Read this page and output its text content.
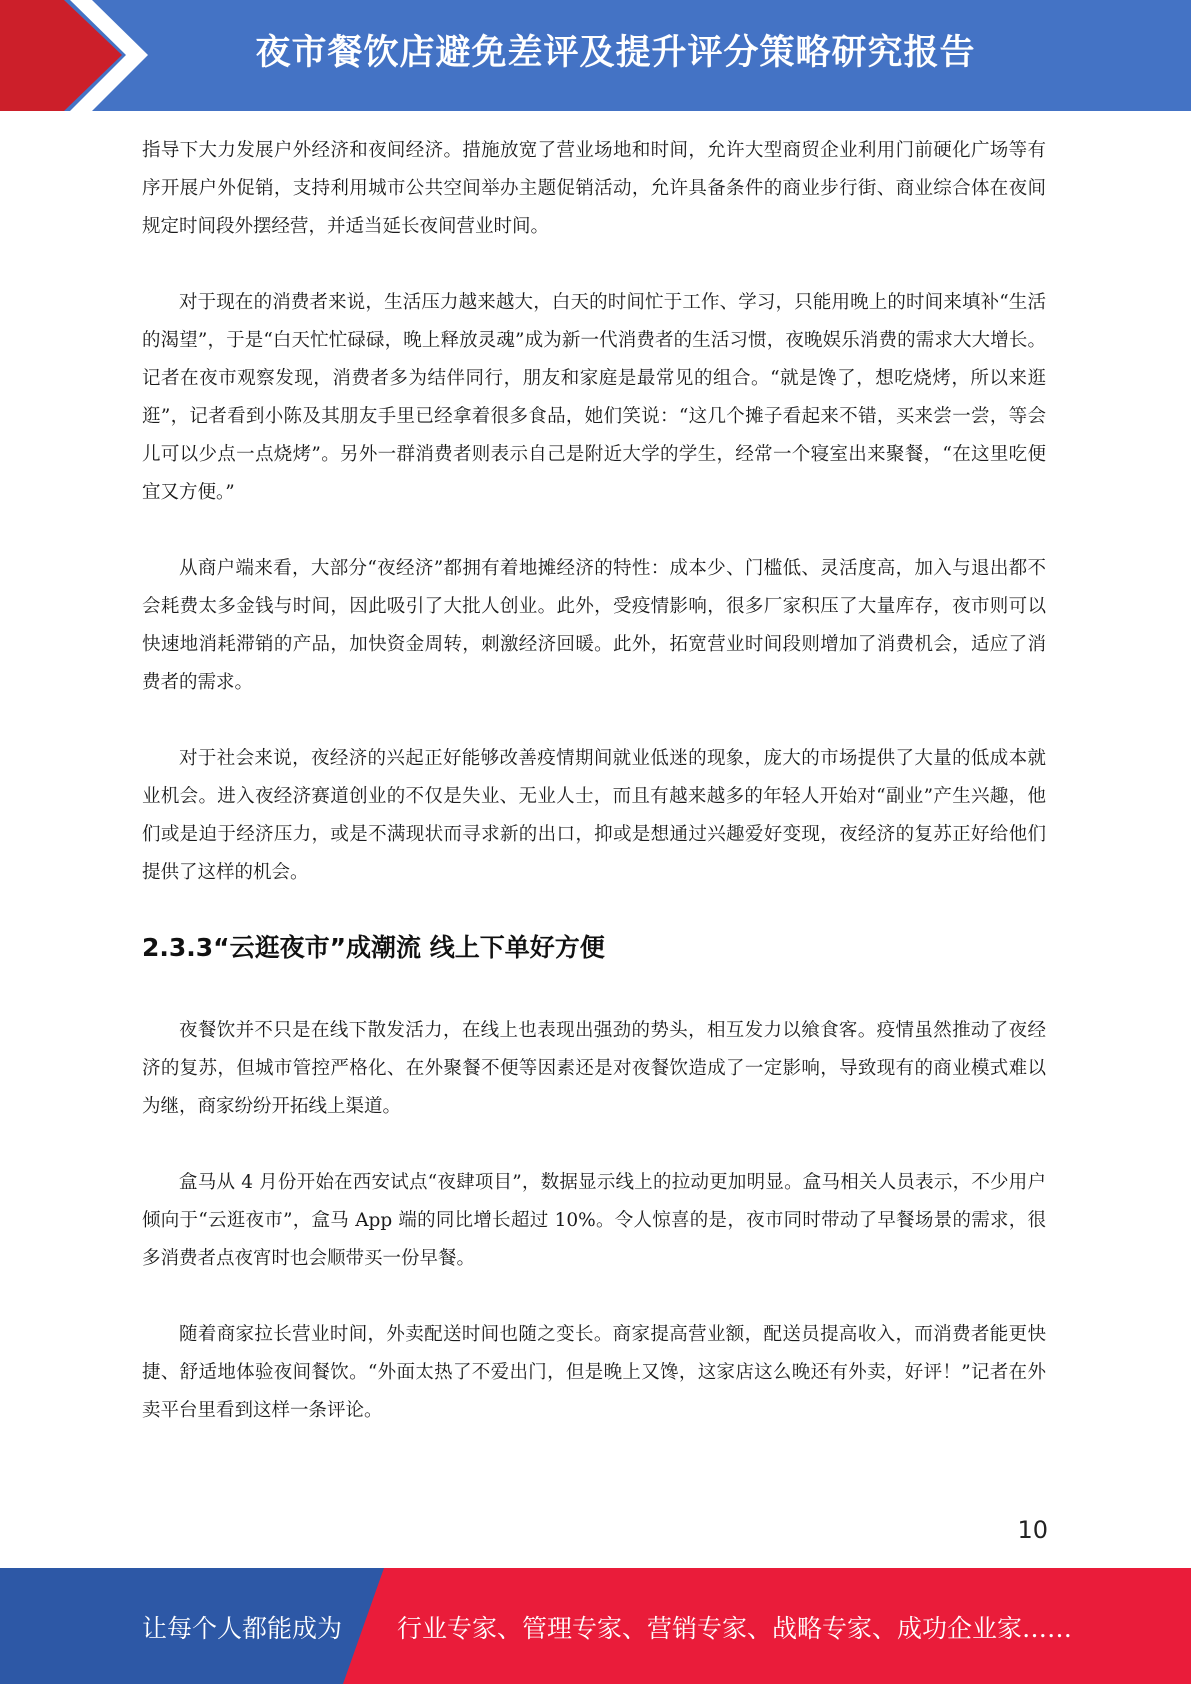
夜市餐饮店避免差评及提升评分策略研究报告

指导下大力发展户外经济和夜间经济。措施放宽了营业场地和时间，允许大型商贸企业利用门前硬化广场等有序开展户外促销，支持利用城市公共空间举办主题促销活动，允许具备条件的商业步行街、商业综合体在夜间规定时间段外摆经营，并适当延长夜间营业时间。

对于现在的消费者来说，生活压力越来越大，白天的时间忙于工作、学习，只能用晚上的时间来填补“生活的渴望”，于是“白天忙忙碌碌，晚上释放灵魂”成为新一代消费者的生活习惯，夜晚娱乐消费的需求大大增长。记者在夜市观察发现，消费者多为结伴同行，朋友和家庭是最常见的组合。“就是馋了，想吃烧烤，所以来逛逛”，记者看到小陈及其朋友手里已经拿着很多食品，她们笑说：“这几个摊子看起来不错，买来尝一尝，等会儿可以少点一点烧烤”。另外一群消费者则表示自己是附近大学的学生，经常一个寝室出来聚餐，“在这里吃便宜又方便。”

从商户端来看，大部分“夜经济”都拥有着地摊经济的特性：成本少、门槛低、灵活度高，加入与退出都不会耗费太多金钱与时间，因此吸引了大批人创业。此外，受疫情影响，很多厂家积压了大量库存，夜市则可以快速地消耗滞销的产品，加快资金周转，刺激经济回暖。此外，拓宽营业时间段则增加了消费机会，适应了消费者的需求。

对于社会来说，夜经济的兴起正好能够改善疫情期间就业低迷的现象，庞大的市场提供了大量的低成本就业机会。进入夜经济赛道创业的不仅是失业、无业人士，而且有越来越多的年轻人开始对“副业”产生兴趣，他们或是迫于经济压力，或是不满现状而寻求新的出口，抑或是想通过兴趣爱好变现，夜经济的复苏正好给他们提供了这样的机会。

2.3.3“云逛夜市”成潮流 线上下单好方便

夜餐饮并不只是在线下散发活力，在线上也表现出强劲的势头，相互发力以飨食客。疫情虽然推动了夜经济的复苏，但城市管控严格化、在外聚餐不便等因素还是对夜餐饮造成了一定影响，导致现有的商业模式难以为继，商家纷纷开拓线上渠道。

盒马从 4 月份开始在西安试点“夜肆项目”，数据显示线上的拉动更加明显。盒马相关人员表示，不少用户倾向于“云逛夜市”，盒马 App 端的同比增长超过 10%。令人惊喜的是，夜市同时带动了早餐场景的需求，很多消费者点夜宵时也会顺带买一份早餐。

随着商家拉长营业时间，外卖配送时间也随之变长。商家提高营业额，配送员提高收入，而消费者能更快捷、舒适地体验夜间餐饮。“外面太热了不爱出门，但是晚上又馋，这家店这么晚还有外卖，好评！”记者在外卖平台里看到这样一条评论。

10
让每个人都能成为 行业专家、管理专家、营销专家、战略专家、成功企业家……
